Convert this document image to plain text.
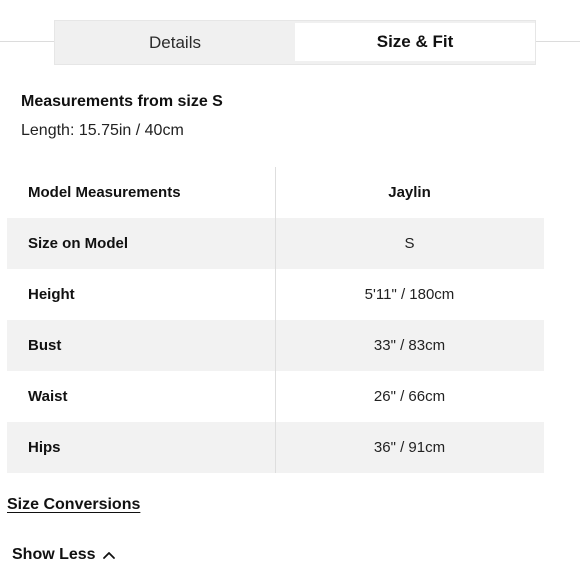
Details	Size & Fit
Measurements from size S
Length: 15.75in / 40cm
Model Measurements	Jaylin
Size on Model	S
Height	5'11" / 180cm
Bust	33" / 83cm
Waist	26" / 66cm
Hips	36" / 91cm
Size Conversions
Show Less
